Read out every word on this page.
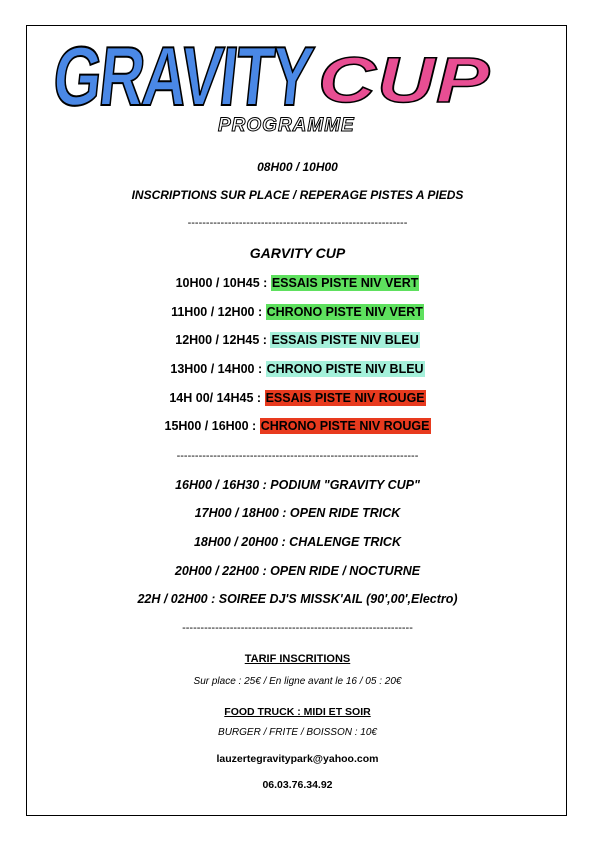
GRAVITY CUP
PROGRAMME
08H00 / 10H00
INSCRIPTIONS SUR PLACE / REPERAGE PISTES A PIEDS
------------------------------------------------------------
GARVITY CUP
10H00 / 10H45 : ESSAIS PISTE NIV VERT
11H00 / 12H00 : CHRONO PISTE NIV VERT
12H00 / 12H45 : ESSAIS PISTE NIV BLEU
13H00 / 14H00 : CHRONO PISTE NIV BLEU
14H 00/ 14H45 : ESSAIS PISTE NIV ROUGE
15H00 / 16H00 : CHRONO PISTE NIV ROUGE
------------------------------------------------------------------
16H00 / 16H30 : PODIUM "GRAVITY CUP"
17H00 / 18H00 : OPEN RIDE TRICK
18H00 / 20H00 : CHALENGE TRICK
20H00 / 22H00 : OPEN RIDE / NOCTURNE
22H / 02H00 : SOIREE DJ'S MISSK'AIL (90',00',Electro)
---------------------------------------------------------------
TARIF INSCRITIONS
Sur place : 25€ / En ligne avant le 16 / 05 : 20€
FOOD TRUCK : MIDI ET SOIR
BURGER / FRITE / BOISSON : 10€
lauzertegravitypark@yahoo.com
06.03.76.34.92
